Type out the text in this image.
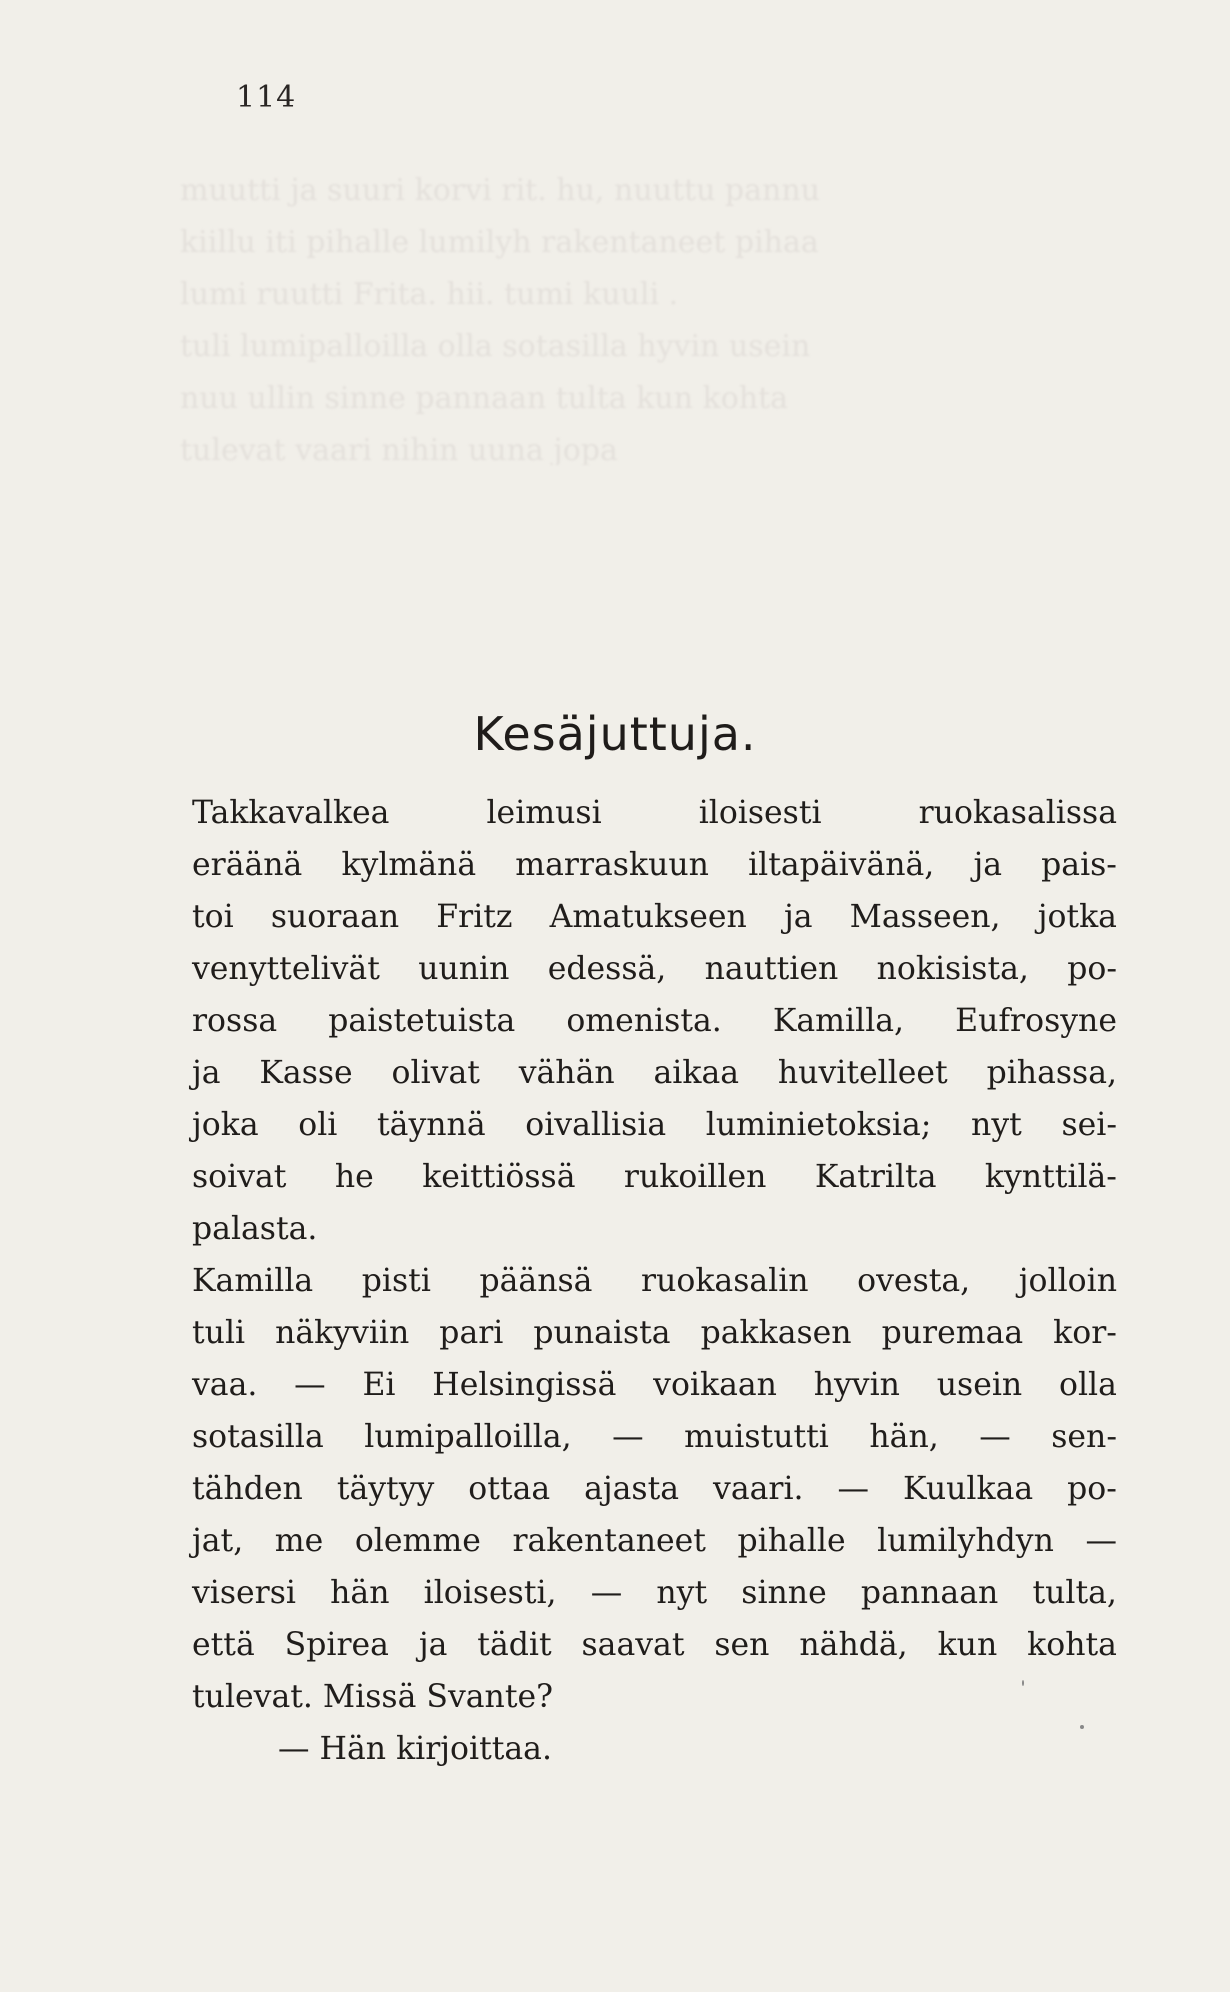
114
muutti ja suuri korvi rit. hu, nuuttu pannu
kiillu iti pihalle lumilyh rakentaneet pihaa
lumi ruutti Frita. hii. tumi kuuli .
tuli lumipalloilla olla sotasilla hyvin usein
nuu ullin sinne pannaan tulta kun kohta
tulevat vaari nihin uuna jopa
Kesäjuttuja.
Takkavalkea	leimusi	iloisesti	ruokasalissa
eräänä kylmänä marraskuun iltapäivänä, ja pais-
toi suoraan Fritz Amatukseen ja Masseen, jotka
venyttelivät uunin edessä, nauttien nokisista, po-
rossa paistetuista omenista. Kamilla, Eufrosyne
ja Kasse olivat vähän aikaa huvitelleet pihassa,
joka oli täynnä oivallisia luminietoksia; nyt sei-
soivat he keittiössä rukoillen Katrilta kynttilä-
palasta.
Kamilla pisti päänsä ruokasalin ovesta, jolloin
tuli näkyviin pari punaista pakkasen puremaa kor-
vaa. — Ei Helsingissä voikaan hyvin usein olla
sotasilla lumipalloilla, — muistutti hän, — sen-
tähden täytyy ottaa ajasta vaari. — Kuulkaa po-
jat, me olemme rakentaneet pihalle lumilyhdyn —
visersi hän iloisesti, — nyt sinne pannaan tulta,
että Spirea ja tädit saavat sen nähdä, kun kohta
tulevat. Missä Svante?
— Hän kirjoittaa.
